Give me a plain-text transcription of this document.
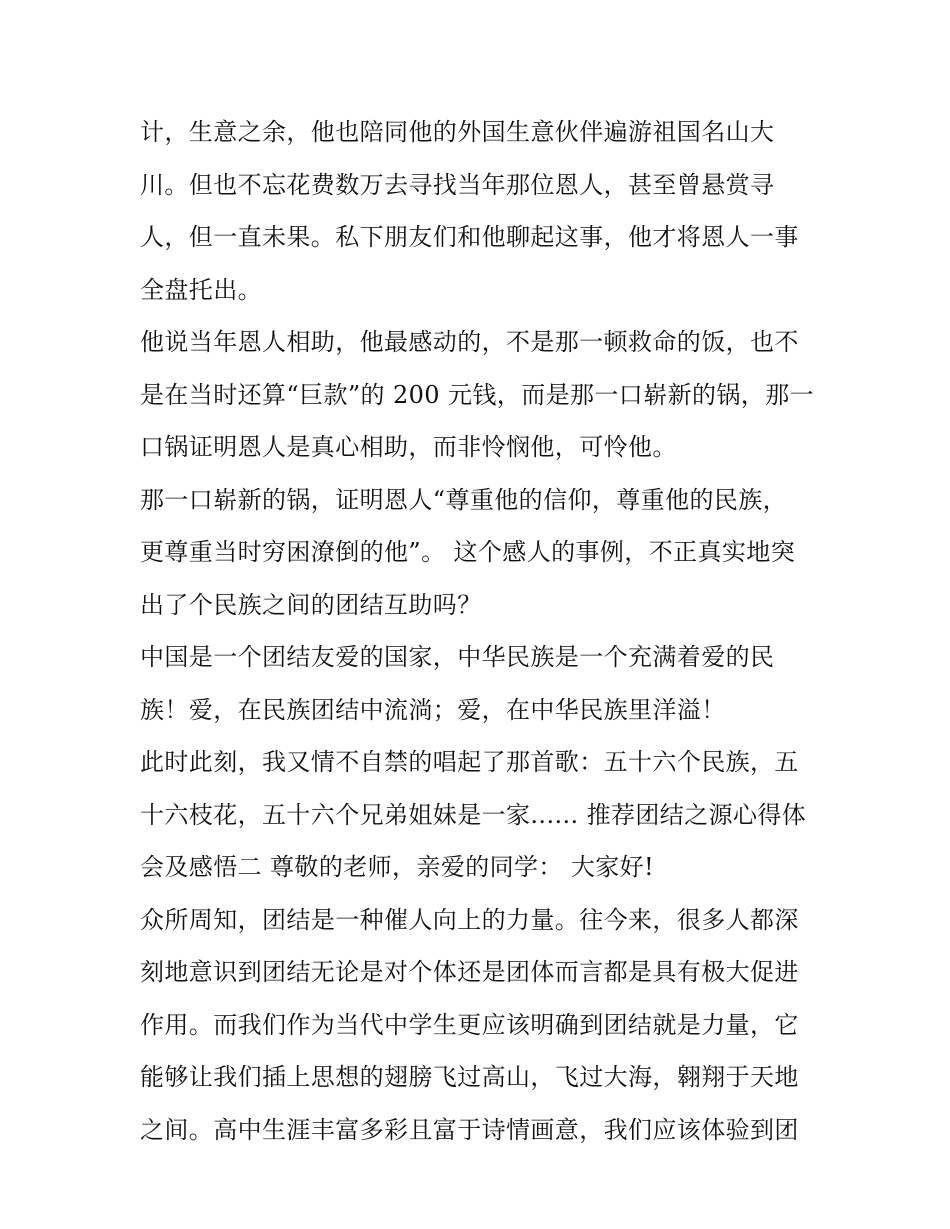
计，生意之余，他也陪同他的外国生意伙伴遍游祖国名山大
川。但也不忘花费数万去寻找当年那位恩人，甚至曾悬赏寻
人，但一直未果。私下朋友们和他聊起这事，他才将恩人一事
全盘托出。
他说当年恩人相助，他最感动的，不是那一顿救命的饭，也不
是在当时还算“巨款”的 200 元钱，而是那一口崭新的锅，那一
口锅证明恩人是真心相助，而非怜悯他，可怜他。
那一口崭新的锅，证明恩人“尊重他的信仰，尊重他的民族，
更尊重当时穷困潦倒的他”。 这个感人的事例，不正真实地突
出了个民族之间的团结互助吗？
中国是一个团结友爱的国家，中华民族是一个充满着爱的民
族！爱，在民族团结中流淌；爱，在中华民族里洋溢！
此时此刻，我又情不自禁的唱起了那首歌：五十六个民族，五
十六枝花，五十六个兄弟姐妹是一家...... 推荐团结之源心得体
会及感悟二 尊敬的老师，亲爱的同学： 大家好!
众所周知，团结是一种催人向上的力量。往今来，很多人都深
刻地意识到团结无论是对个体还是团体而言都是具有极大促进
作用。而我们作为当代中学生更应该明确到团结就是力量，它
能够让我们插上思想的翅膀飞过高山，飞过大海，翱翔于天地
之间。高中生涯丰富多彩且富于诗情画意，我们应该体验到团
